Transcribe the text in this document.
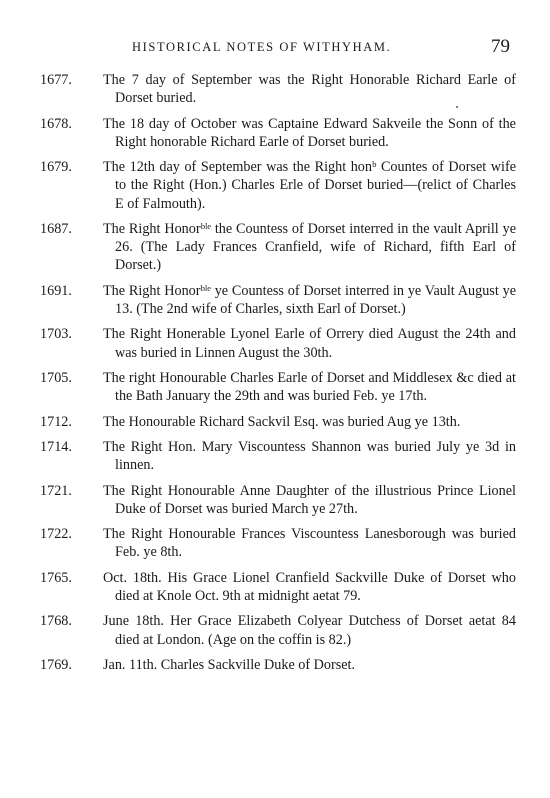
HISTORICAL NOTES OF WITHYHAM.	79
1677.	The 7 day of September was the Right Honorable Richard Earle of Dorset buried.
1678.	The 18 day of October was Captaine Edward Sakveile the Sonn of the Right honorable Richard Earle of Dorset buried.
1679.	The 12th day of September was the Right honᵇ Countes of Dorset wife to the Right (Hon.) Charles Erle of Dorset buried—(relict of Charles E of Falmouth).
1687.	The Right Honorᵇˡᵉ the Countess of Dorset interred in the vault Aprill ye 26. (The Lady Frances Cranfield, wife of Richard, fifth Earl of Dorset.)
1691.	The Right Honorᵇˡᵉ ye Countess of Dorset interred in ye Vault August ye 13. (The 2nd wife of Charles, sixth Earl of Dorset.)
1703.	The Right Honerable Lyonel Earle of Orrery died August the 24th and was buried in Linnen August the 30th.
1705.	The right Honourable Charles Earle of Dorset and Middlesex &c died at the Bath January the 29th and was buried Feb. ye 17th.
1712.	The Honourable Richard Sackvil Esq. was buried Aug ye 13th.
1714.	The Right Hon. Mary Viscountess Shannon was buried July ye 3d in linnen.
1721.	The Right Honourable Anne Daughter of the illustrious Prince Lionel Duke of Dorset was buried March ye 27th.
1722.	The Right Honourable Frances Viscountess Lanesborough was buried Feb. ye 8th.
1765.	Oct. 18th. His Grace Lionel Cranfield Sackville Duke of Dorset who died at Knole Oct. 9th at midnight aetat 79.
1768.	June 18th. Her Grace Elizabeth Colyear Dutchess of Dorset aetat 84 died at London. (Age on the coffin is 82.)
1769.	Jan. 11th. Charles Sackville Duke of Dorset.
